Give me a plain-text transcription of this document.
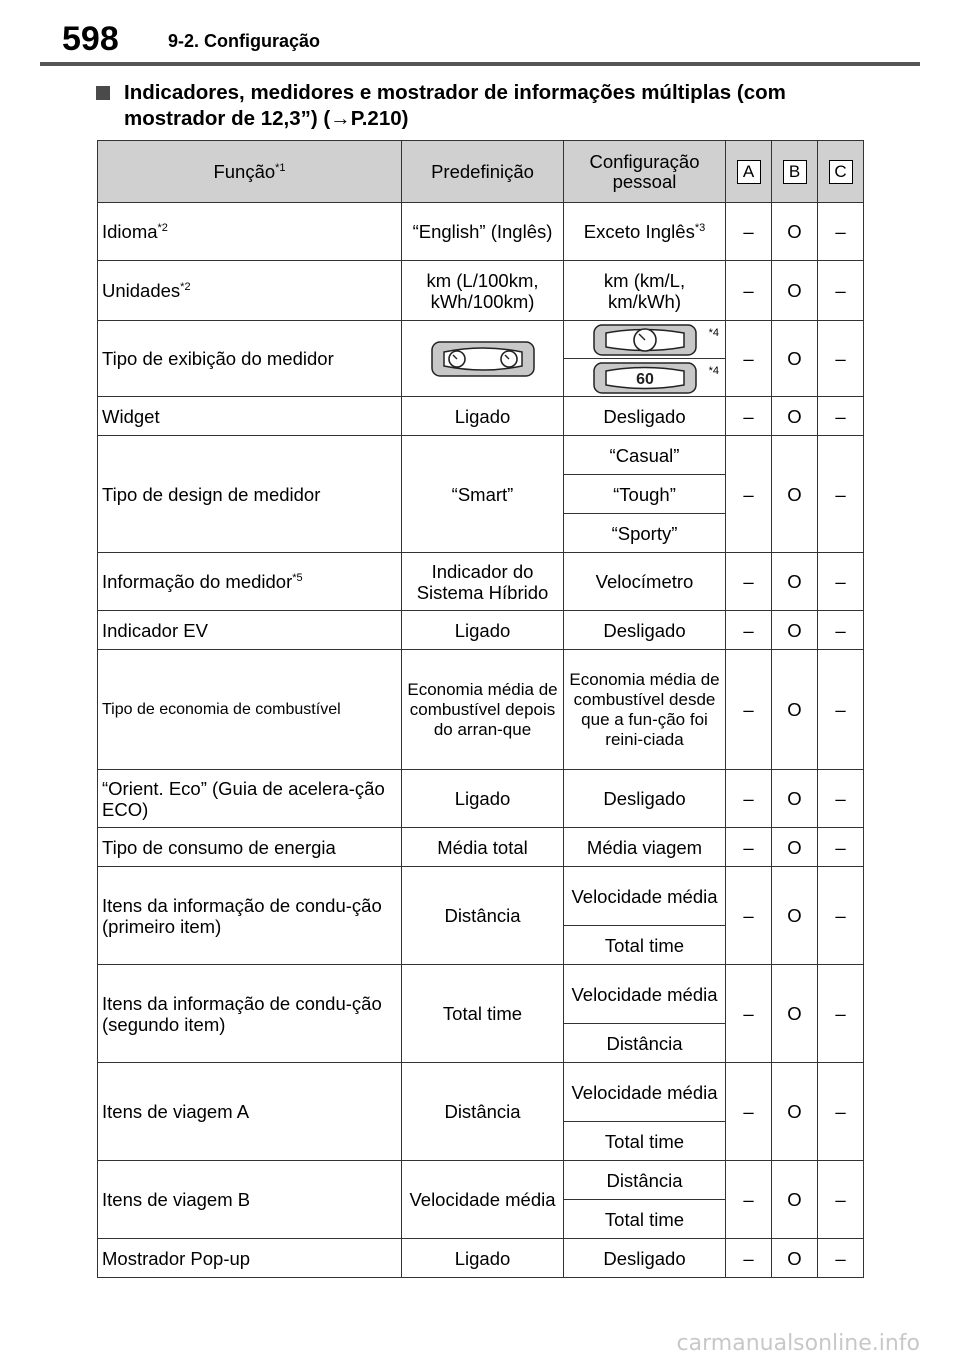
598	9-2. Configuração
Indicadores, medidores e mostrador de informações múltiplas (com mostrador de 12,3”) (→P.210)
Função$^{*1}$	Predefinição	Configuração pessoal	A	B	C
Idioma$^{*2}$	“English” (Inglês)	Exceto Inglês$^{*3}$	–	O	–
Unidades$^{*2}$	km (L/100km, kWh/100km)	km (km/L, km/kWh)	–	O	–
Tipo de exibição do medidor		*4	–	O	–

60 *4			

Widget	Ligado	Desligado	–	O	–
Tipo de design de medidor	“Smart”	“Casual”	–	O	–
		“Tough”			
		“Sporty”			
Informação do medidor$^{*5}$	Indicador do Sistema Híbrido	Velocímetro	–	O	–
Indicador EV	Ligado	Desligado	–	O	–
Tipo de economia de combustível	Economia média de combustível depois do arran-que	Economia média de combustível desde que a fun-ção foi reini-ciada	–	O	–
“Orient. Eco” (Guia de acelera-ção ECO)	Ligado	Desligado	–	O	–
Tipo de consumo de energia	Média total	Média viagem	–	O	–
Itens da informação de condu-ção (primeiro item)	Distância	Velocidade média	–	O	–
		Total time			
Itens da informação de condu-ção (segundo item)	Total time	Velocidade média	–	O	–
		Distância			
Itens de viagem A	Distância	Velocidade média	–	O	–
		Total time			
Itens de viagem B	Velocidade média	Distância	–	O	–
		Total time			
Mostrador Pop-up	Ligado	Desligado	–	O	–
carmanualsonline.info
